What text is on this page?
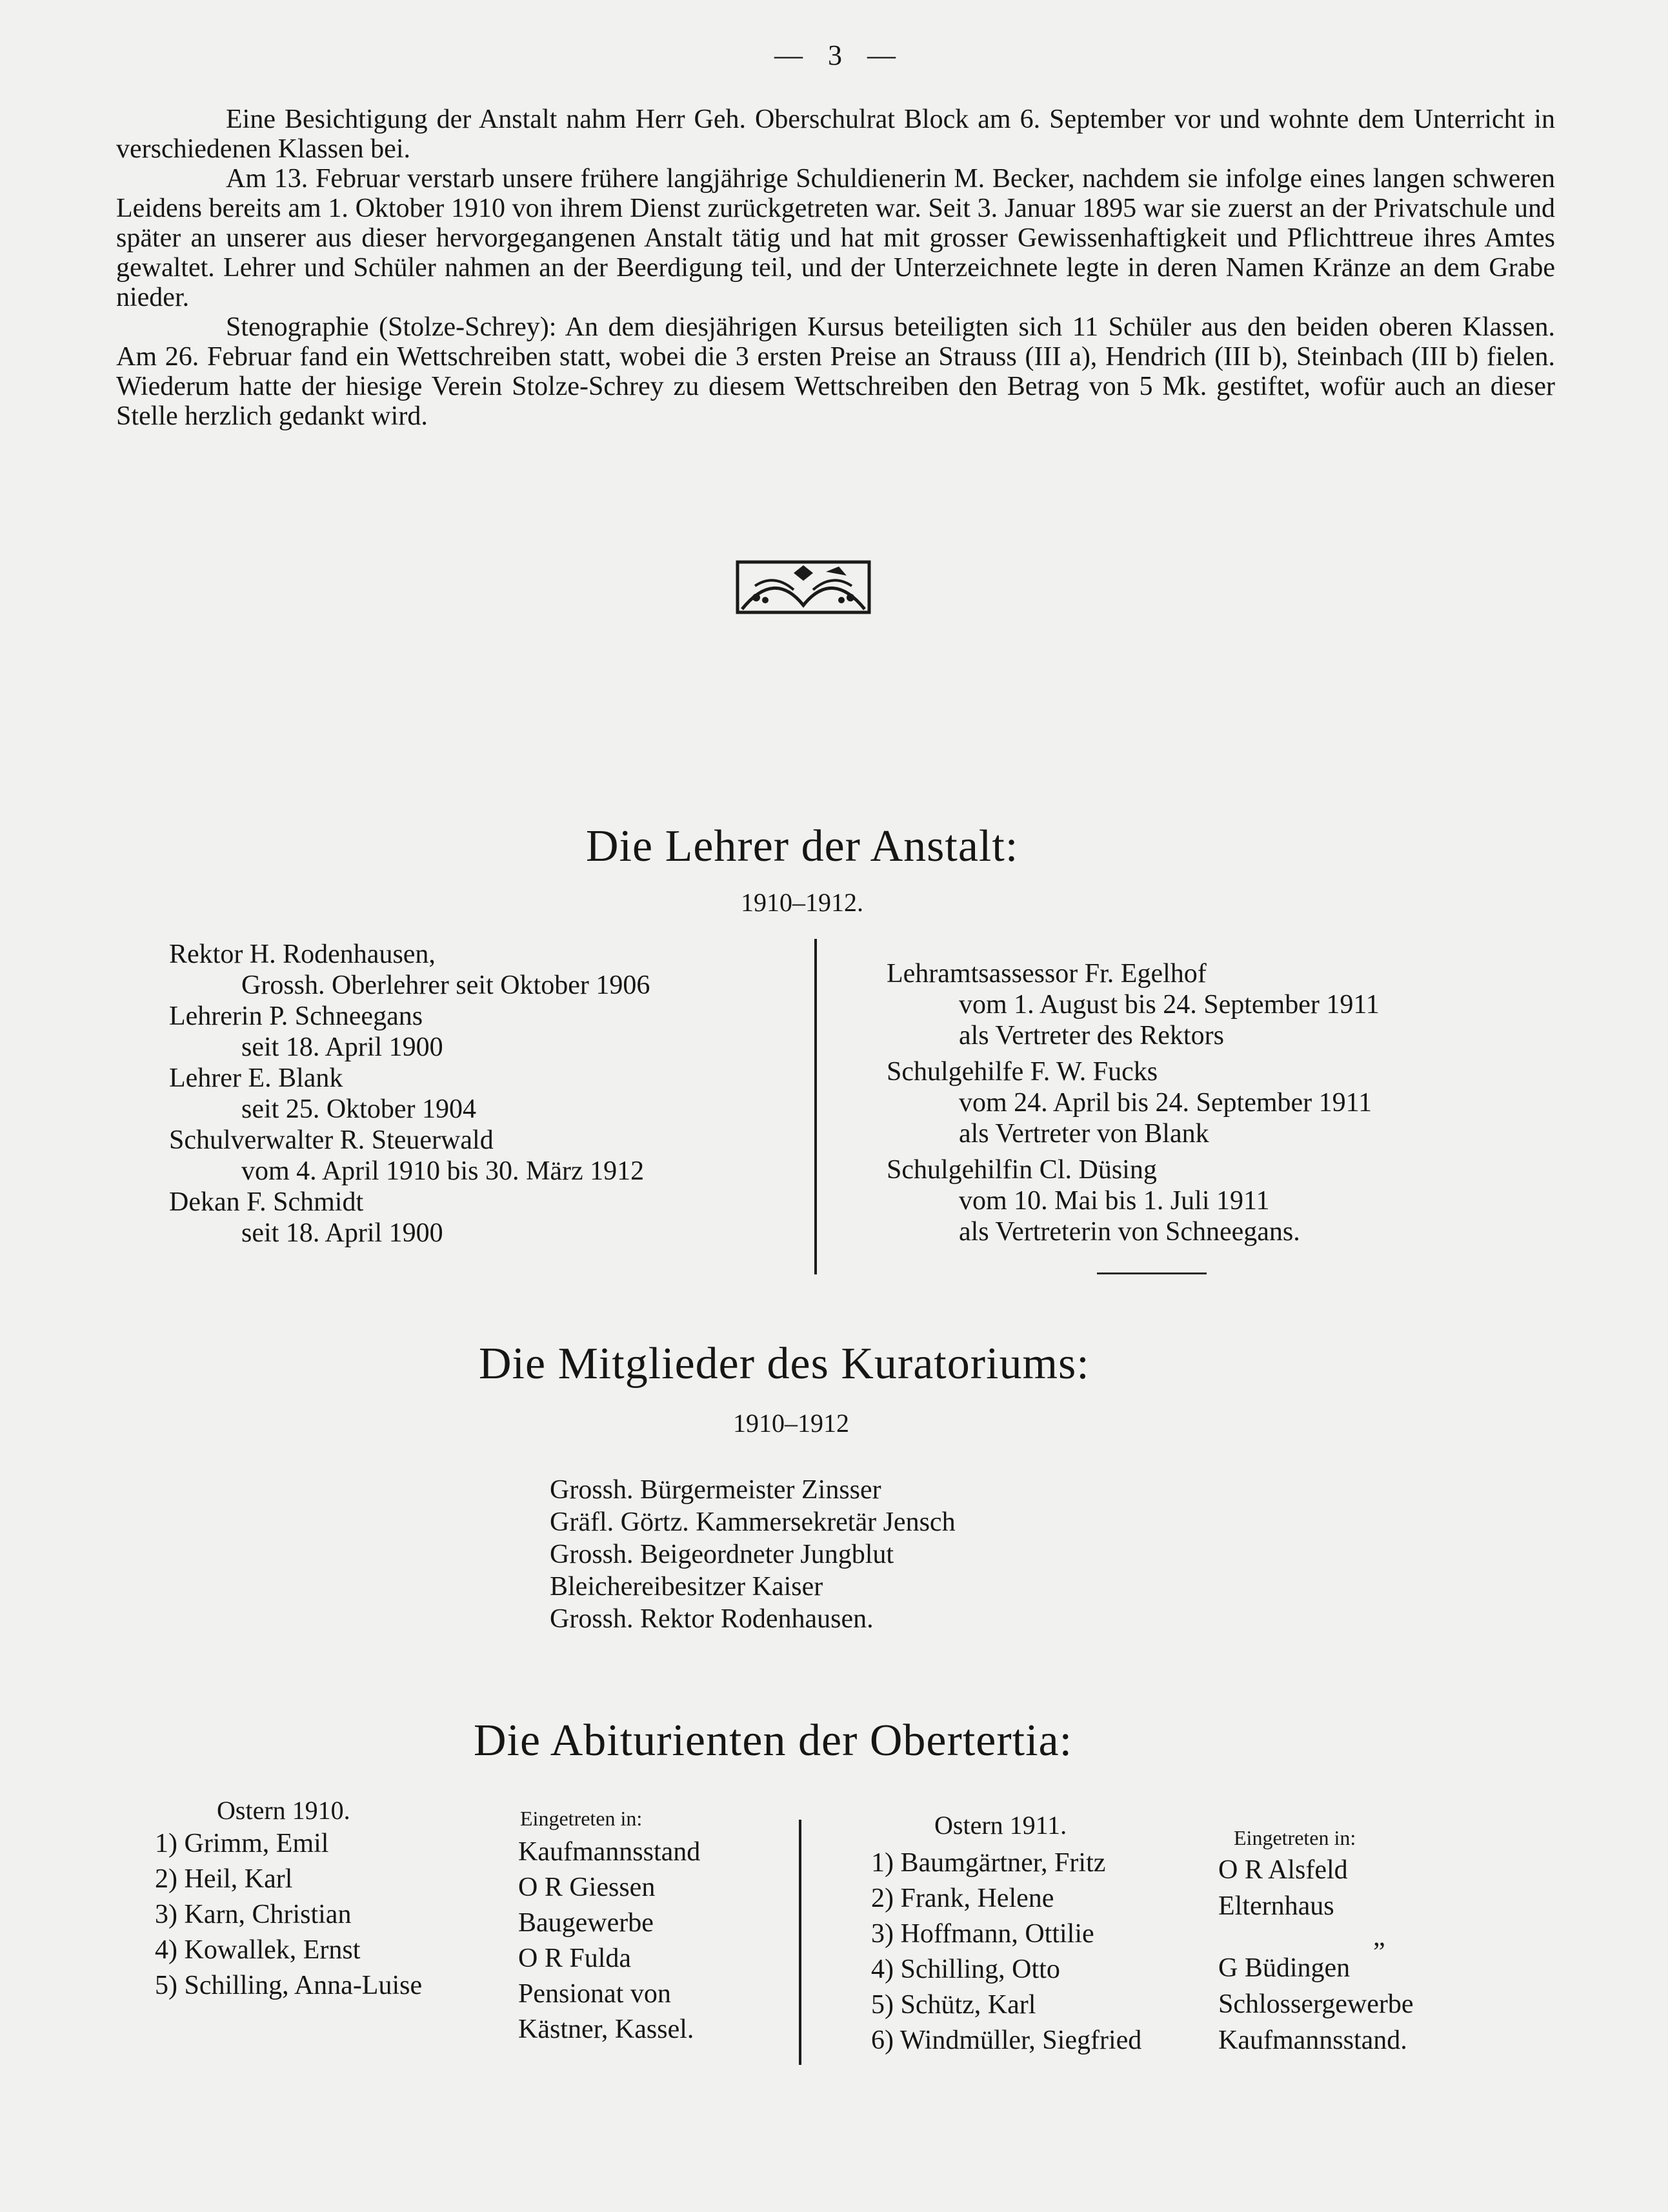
— 3 —

Eine Besichtigung der Anstalt nahm Herr Geh. Oberschulrat Block am 6. September vor und wohnte dem Unterricht in verschiedenen Klassen bei.

Am 13. Februar verstarb unsere frühere langjährige Schuldienerin M. Becker, nachdem sie infolge eines langen schweren Leidens bereits am 1. Oktober 1910 von ihrem Dienst zurückgetreten war. Seit 3. Januar 1895 war sie zuerst an der Privatschule und später an unserer aus dieser hervorgegangenen Anstalt tätig und hat mit grosser Gewissenhaftigkeit und Pflichttreue ihres Amtes gewaltet. Lehrer und Schüler nahmen an der Beerdigung teil, und der Unterzeichnete legte in deren Namen Kränze an dem Grabe nieder.

Stenographie (Stolze-Schrey): An dem diesjährigen Kursus beteiligten sich 11 Schüler aus den beiden oberen Klassen. Am 26. Februar fand ein Wettschreiben statt, wobei die 3 ersten Preise an Strauss (III a), Hendrich (III b), Steinbach (III b) fielen. Wiederum hatte der hiesige Verein Stolze-Schrey zu diesem Wettschreiben den Betrag von 5 Mk. gestiftet, wofür auch an dieser Stelle herzlich gedankt wird.

Die Lehrer der Anstalt:
1910–1912.
Rektor H. Rodenhausen,
Grossh. Oberlehrer seit Oktober 1906
Lehrerin P. Schneegans
seit 18. April 1900
Lehrer E. Blank
seit 25. Oktober 1904
Schulverwalter R. Steuerwald
vom 4. April 1910 bis 30. März 1912
Dekan F. Schmidt
seit 18. April 1900
Lehramtsassessor Fr. Egelhof
vom 1. August bis 24. September 1911
als Vertreter des Rektors
Schulgehilfe F. W. Fucks
vom 24. April bis 24. September 1911
als Vertreter von Blank
Schulgehilfin Cl. Düsing
vom 10. Mai bis 1. Juli 1911
als Vertreterin von Schneegans.
Die Mitglieder des Kuratoriums:
1910–1912
Grossh. Bürgermeister Zinsser
Gräfl. Görtz. Kammersekretär Jensch
Grossh. Beigeordneter Jungblut
Bleichereibesitzer Kaiser
Grossh. Rektor Rodenhausen.
Die Abiturienten der Obertertia:
Ostern 1910.
1) Grimm, Emil
2) Heil, Karl
3) Karn, Christian
4) Kowallek, Ernst
5) Schilling, Anna-Luise
Eingetreten in:
Kaufmannsstand
O R Giessen
Baugewerbe
O R Fulda
Pensionat von
Kästner, Kassel.
Ostern 1911.
1) Baumgärtner, Fritz
2) Frank, Helene
3) Hoffmann, Ottilie
4) Schilling, Otto
5) Schütz, Karl
6) Windmüller, Siegfried
Eingetreten in:
O R Alsfeld
Elternhaus
„
G Büdingen
Schlossergewerbe
Kaufmannsstand.
